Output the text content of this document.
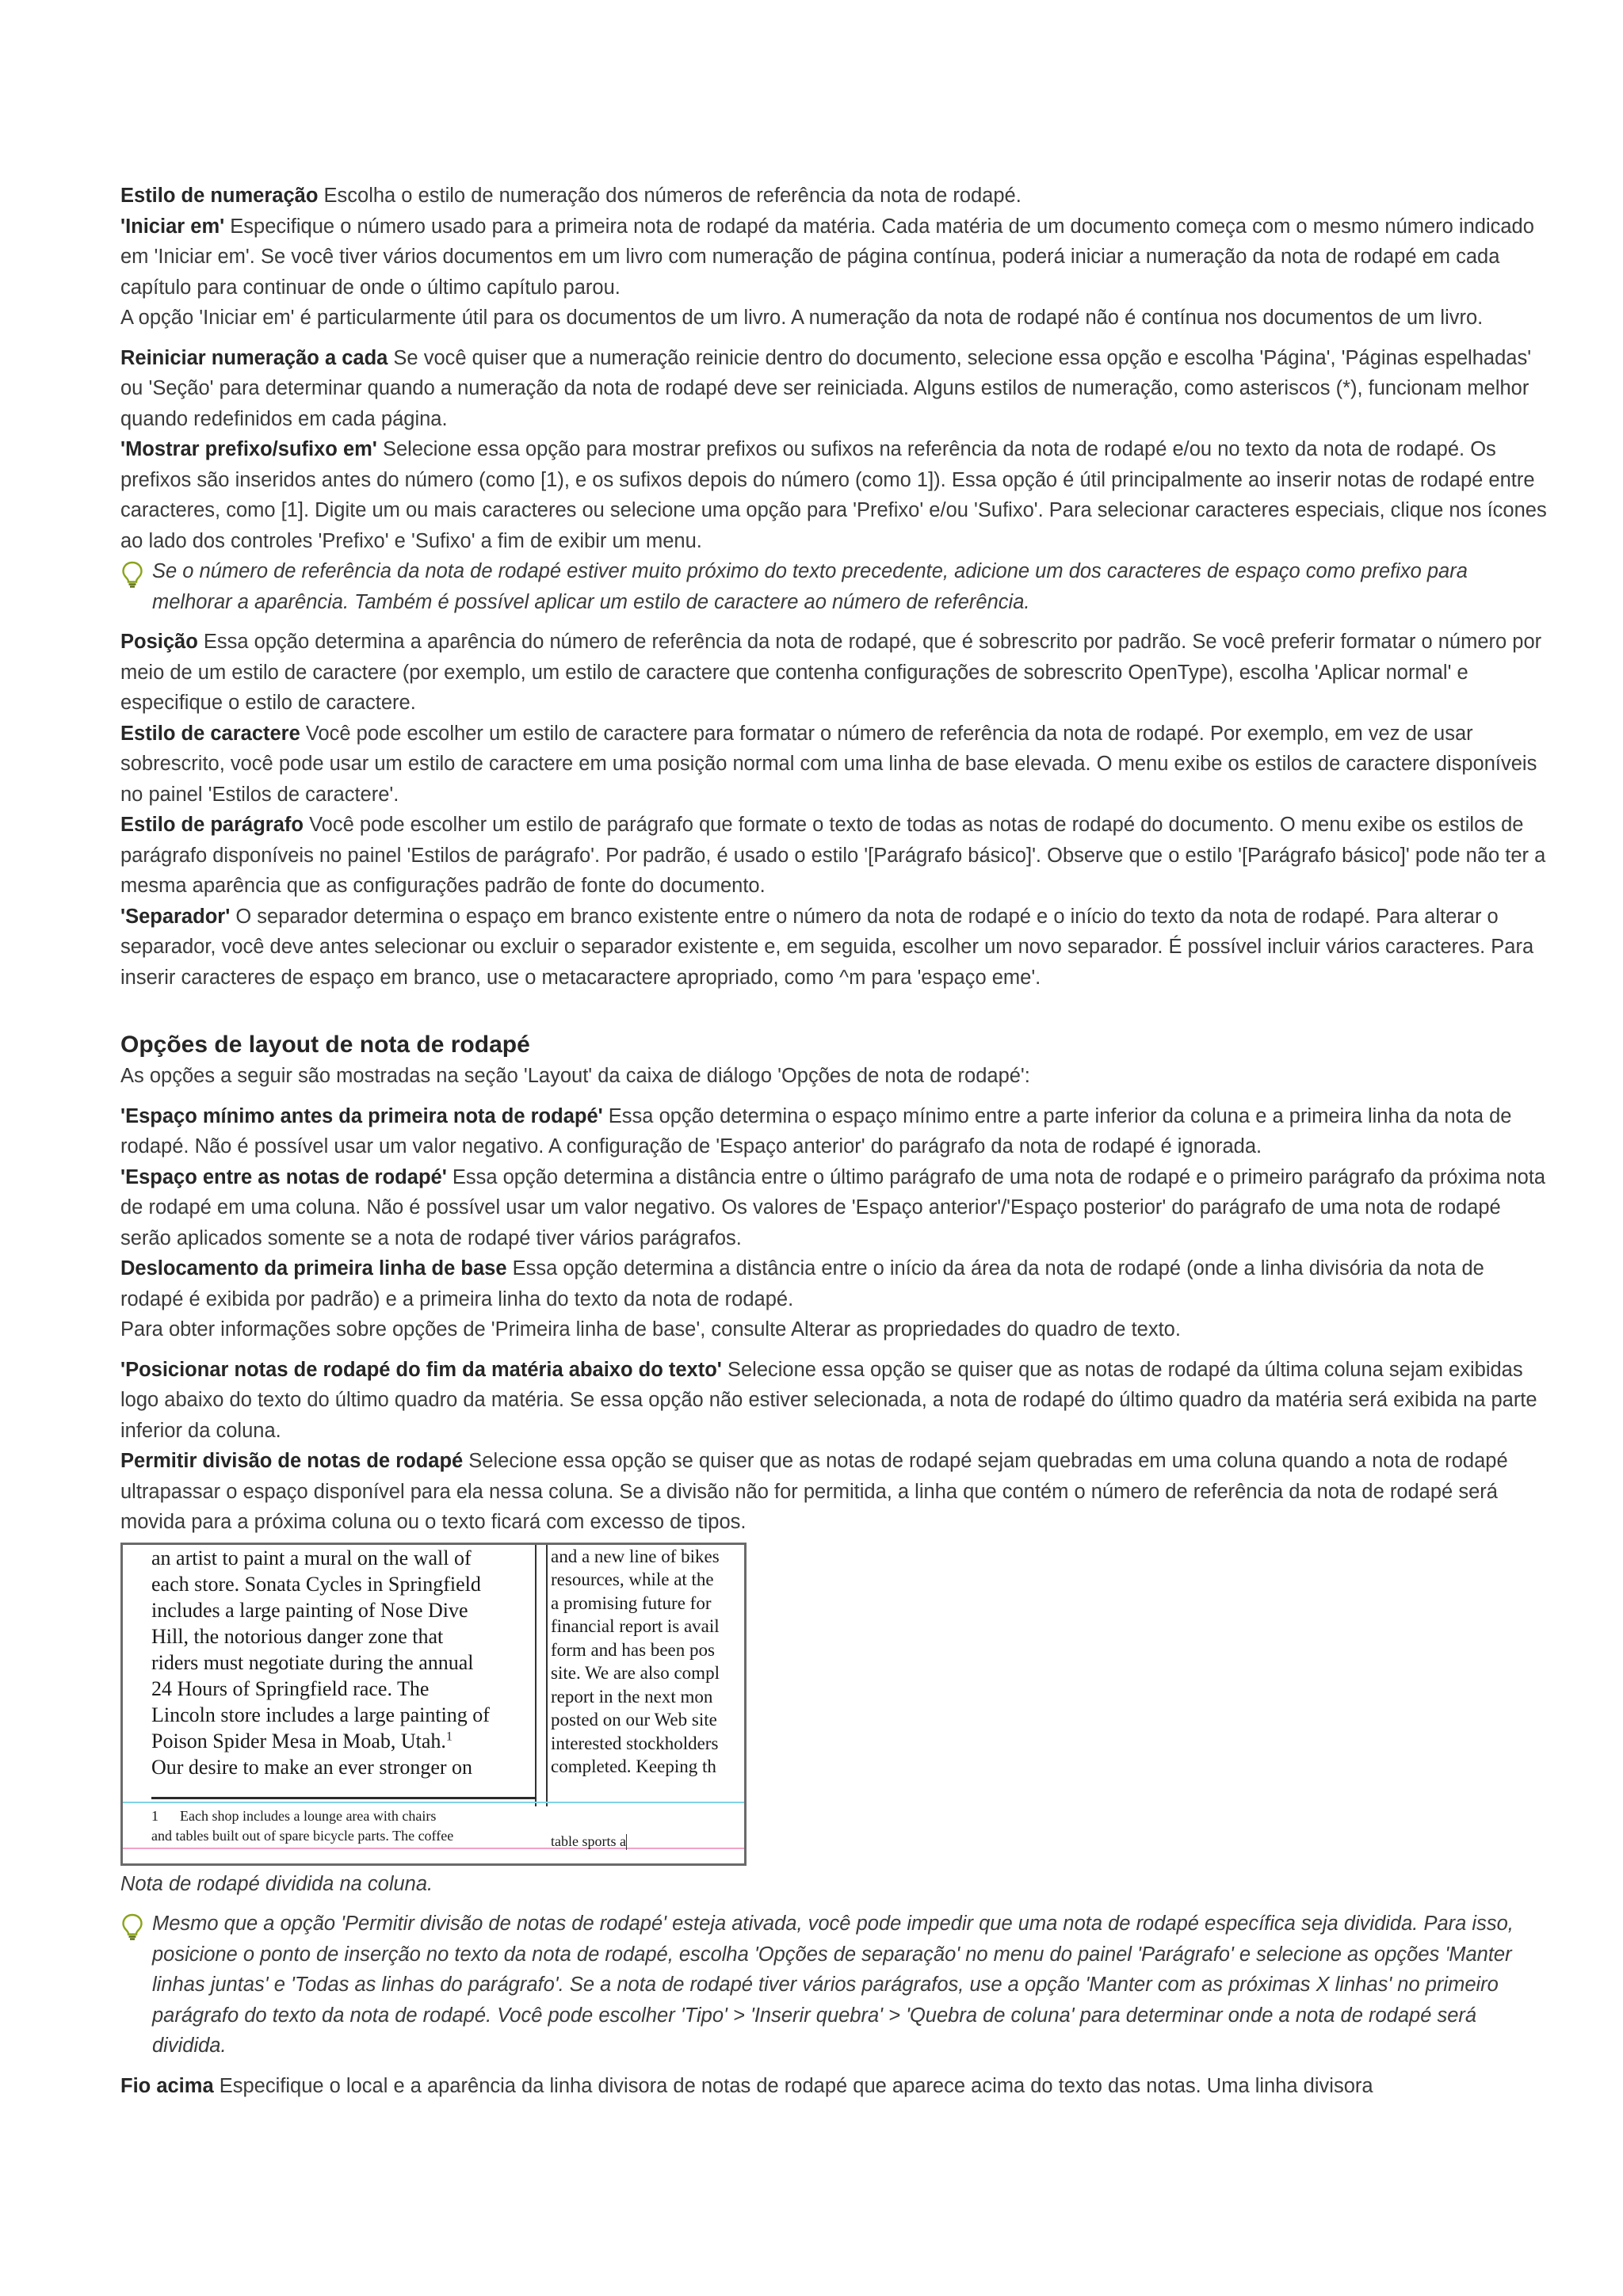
Estilo de numeração Escolha o estilo de numeração dos números de referência da nota de rodapé.

'Iniciar em' Especifique o número usado para a primeira nota de rodapé da matéria. Cada matéria de um documento começa com o mesmo número indicado em 'Iniciar em'. Se você tiver vários documentos em um livro com numeração de página contínua, poderá iniciar a numeração da nota de rodapé em cada capítulo para continuar de onde o último capítulo parou.

A opção 'Iniciar em' é particularmente útil para os documentos de um livro. A numeração da nota de rodapé não é contínua nos documentos de um livro.

Reiniciar numeração a cada Se você quiser que a numeração reinicie dentro do documento, selecione essa opção e escolha 'Página', 'Páginas espelhadas' ou 'Seção' para determinar quando a numeração da nota de rodapé deve ser reiniciada. Alguns estilos de numeração, como asteriscos (*), funcionam melhor quando redefinidos em cada página.

'Mostrar prefixo/sufixo em' Selecione essa opção para mostrar prefixos ou sufixos na referência da nota de rodapé e/ou no texto da nota de rodapé. Os prefixos são inseridos antes do número (como [1), e os sufixos depois do número (como 1]). Essa opção é útil principalmente ao inserir notas de rodapé entre caracteres, como [1]. Digite um ou mais caracteres ou selecione uma opção para 'Prefixo' e/ou 'Sufixo'. Para selecionar caracteres especiais, clique nos ícones ao lado dos controles 'Prefixo' e 'Sufixo' a fim de exibir um menu.

Se o número de referência da nota de rodapé estiver muito próximo do texto precedente, adicione um dos caracteres de espaço como prefixo para melhorar a aparência. Também é possível aplicar um estilo de caractere ao número de referência.

Posição Essa opção determina a aparência do número de referência da nota de rodapé, que é sobrescrito por padrão. Se você preferir formatar o número por meio de um estilo de caractere (por exemplo, um estilo de caractere que contenha configurações de sobrescrito OpenType), escolha 'Aplicar normal' e especifique o estilo de caractere.

Estilo de caractere Você pode escolher um estilo de caractere para formatar o número de referência da nota de rodapé. Por exemplo, em vez de usar sobrescrito, você pode usar um estilo de caractere em uma posição normal com uma linha de base elevada. O menu exibe os estilos de caractere disponíveis no painel 'Estilos de caractere'.

Estilo de parágrafo Você pode escolher um estilo de parágrafo que formate o texto de todas as notas de rodapé do documento. O menu exibe os estilos de parágrafo disponíveis no painel 'Estilos de parágrafo'. Por padrão, é usado o estilo '[Parágrafo básico]'. Observe que o estilo '[Parágrafo básico]' pode não ter a mesma aparência que as configurações padrão de fonte do documento.

'Separador' O separador determina o espaço em branco existente entre o número da nota de rodapé e o início do texto da nota de rodapé. Para alterar o separador, você deve antes selecionar ou excluir o separador existente e, em seguida, escolher um novo separador. É possível incluir vários caracteres. Para inserir caracteres de espaço em branco, use o metacaractere apropriado, como ^m para 'espaço eme'.

Opções de layout de nota de rodapé

As opções a seguir são mostradas na seção 'Layout' da caixa de diálogo 'Opções de nota de rodapé':

'Espaço mínimo antes da primeira nota de rodapé' Essa opção determina o espaço mínimo entre a parte inferior da coluna e a primeira linha da nota de rodapé. Não é possível usar um valor negativo. A configuração de 'Espaço anterior' do parágrafo da nota de rodapé é ignorada.

'Espaço entre as notas de rodapé' Essa opção determina a distância entre o último parágrafo de uma nota de rodapé e o primeiro parágrafo da próxima nota de rodapé em uma coluna. Não é possível usar um valor negativo. Os valores de 'Espaço anterior'/'Espaço posterior' do parágrafo de uma nota de rodapé serão aplicados somente se a nota de rodapé tiver vários parágrafos.

Deslocamento da primeira linha de base Essa opção determina a distância entre o início da área da nota de rodapé (onde a linha divisória da nota de rodapé é exibida por padrão) e a primeira linha do texto da nota de rodapé.

Para obter informações sobre opções de 'Primeira linha de base', consulte Alterar as propriedades do quadro de texto.

'Posicionar notas de rodapé do fim da matéria abaixo do texto' Selecione essa opção se quiser que as notas de rodapé da última coluna sejam exibidas logo abaixo do texto do último quadro da matéria. Se essa opção não estiver selecionada, a nota de rodapé do último quadro da matéria será exibida na parte inferior da coluna.

Permitir divisão de notas de rodapé Selecione essa opção se quiser que as notas de rodapé sejam quebradas em uma coluna quando a nota de rodapé ultrapassar o espaço disponível para ela nessa coluna. Se a divisão não for permitida, a linha que contém o número de referência da nota de rodapé será movida para a próxima coluna ou o texto ficará com excesso de tipos.

an artist to paint a mural on the wall of
each store. Sonata Cycles in Springfield
includes a large painting of Nose Dive
Hill, the notorious danger zone that
riders must negotiate during the annual
24 Hours of Springfield race. The
Lincoln store includes a large painting of
Poison Spider Mesa in Moab, Utah.$^1$
Our desire to make an ever stronger on
and a new line of bikes
resources, while at the
a promising future for
financial report is avail
form and has been pos
site. We are also compl
report in the next mon
posted on our Web site
interested stockholders
completed. Keeping th
1      Each shop includes a lounge area with chairs
and tables built out of spare bicycle parts. The coffee	table sports a

Nota de rodapé dividida na coluna.

Mesmo que a opção 'Permitir divisão de notas de rodapé' esteja ativada, você pode impedir que uma nota de rodapé específica seja dividida. Para isso, posicione o ponto de inserção no texto da nota de rodapé, escolha 'Opções de separação' no menu do painel 'Parágrafo' e selecione as opções 'Manter linhas juntas' e 'Todas as linhas do parágrafo'. Se a nota de rodapé tiver vários parágrafos, use a opção 'Manter com as próximas X linhas' no primeiro parágrafo do texto da nota de rodapé. Você pode escolher 'Tipo' > 'Inserir quebra' > 'Quebra de coluna' para determinar onde a nota de rodapé será dividida.

Fio acima Especifique o local e a aparência da linha divisora de notas de rodapé que aparece acima do texto das notas. Uma linha divisora
